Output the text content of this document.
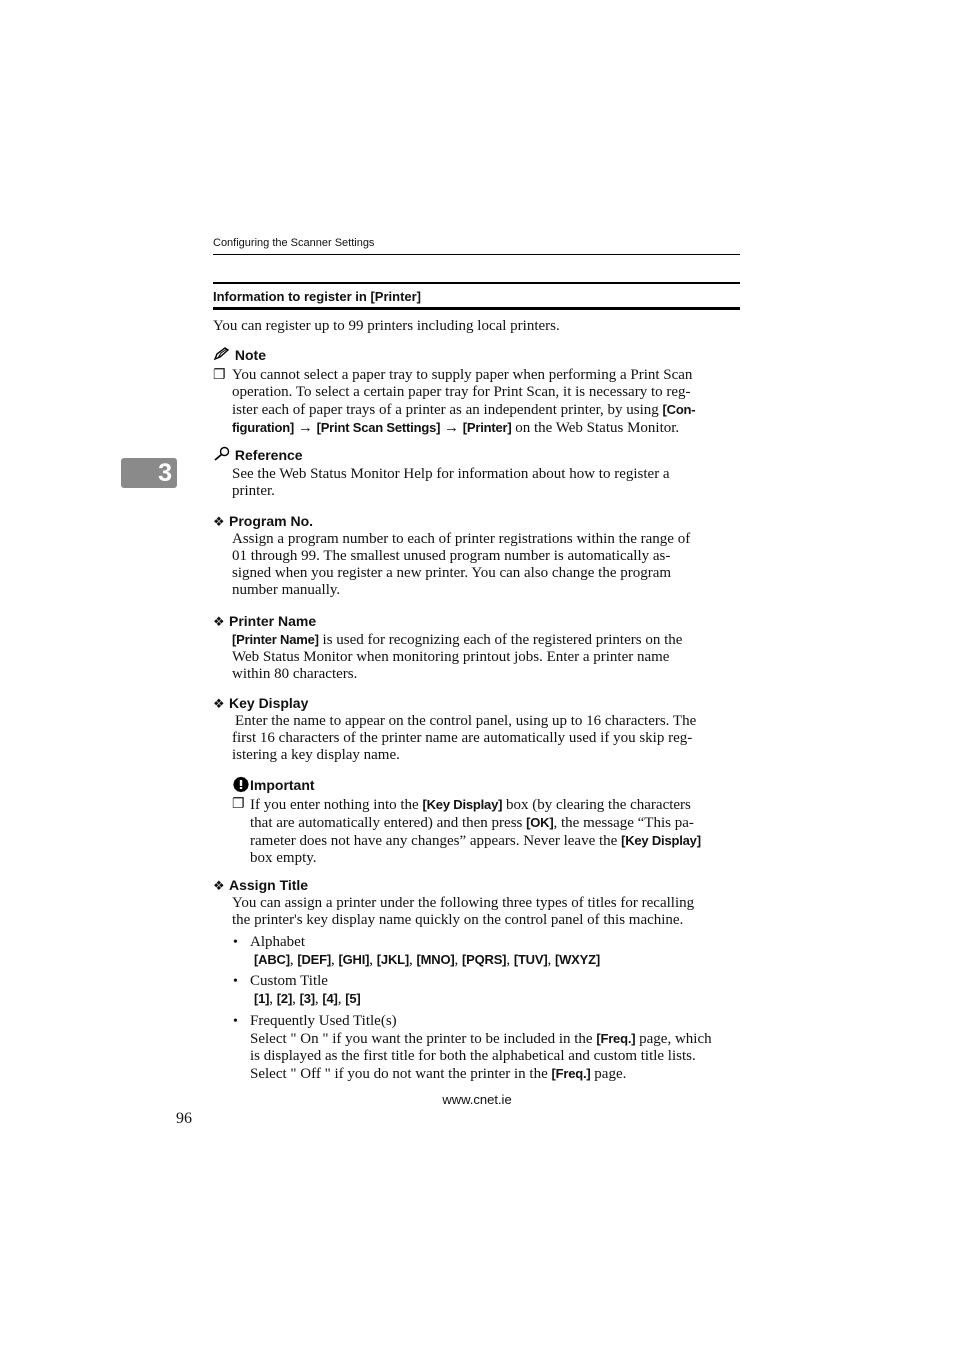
Configuring the Scanner Settings
Information to register in [Printer]
You can register up to 99 printers including local printers.
Note
❐ You cannot select a paper tray to supply paper when performing a Print Scan
operation. To select a certain paper tray for Print Scan, it is necessary to reg-
ister each of paper trays of a printer as an independent printer, by using [Con-
figuration] → [Print Scan Settings] → [Printer] on the Web Status Monitor.
Reference
See the Web Status Monitor Help for information about how to register a
printer.
3
❖ Program No.
Assign a program number to each of printer registrations within the range of
01 through 99. The smallest unused program number is automatically as-
signed when you register a new printer. You can also change the program
number manually.
❖ Printer Name
[Printer Name] is used for recognizing each of the registered printers on the
Web Status Monitor when monitoring printout jobs. Enter a printer name
within 80 characters.
❖ Key Display
Enter the name to appear on the control panel, using up to 16 characters. The
first 16 characters of the printer name are automatically used if you skip reg-
istering a key display name.
Important
❐ If you enter nothing into the [Key Display] box (by clearing the characters
that are automatically entered) and then press [OK], the message “This pa-
rameter does not have any changes” appears. Never leave the [Key Display]
box empty.
❖ Assign Title
You can assign a printer under the following three types of titles for recalling
the printer's key display name quickly on the control panel of this machine.
• Alphabet
[ABC], [DEF], [GHI], [JKL], [MNO], [PQRS], [TUV], [WXYZ]
• Custom Title
[1], [2], [3], [4], [5]
• Frequently Used Title(s)
Select " On " if you want the printer to be included in the [Freq.] page, which
is displayed as the first title for both the alphabetical and custom title lists.
Select " Off " if you do not want the printer in the [Freq.] page.
www.cnet.ie
96
